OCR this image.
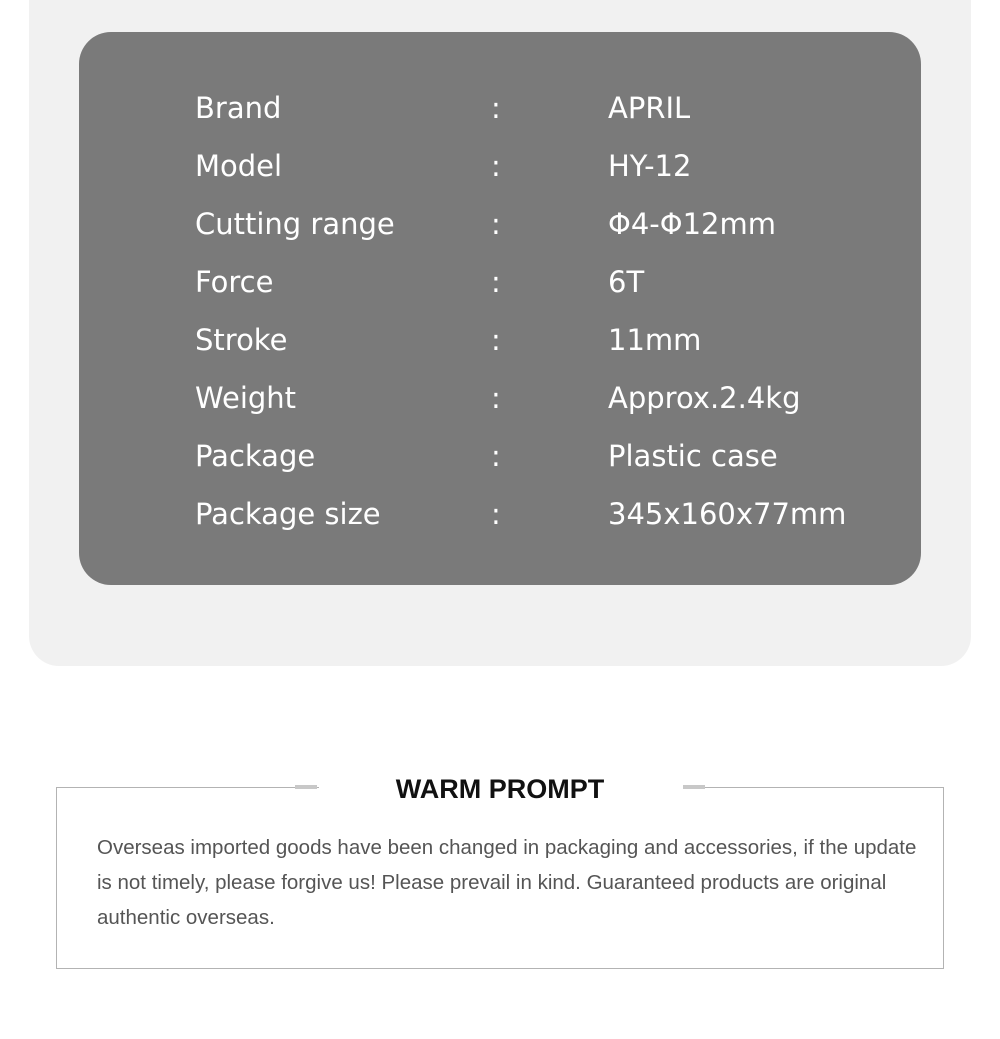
Brand	:	APRIL
Model	:	HY-12
Cutting range	:	Φ4-Φ12mm
Force	:	6T
Stroke	:	11mm
Weight	:	Approx.2.4kg
Package	:	Plastic case
Package size	:	345x160x77mm
WARM PROMPT
Overseas imported goods have been changed in packaging and accessories, if the update is not timely, please forgive us! Please prevail in kind. Guaranteed products are original authentic overseas.
